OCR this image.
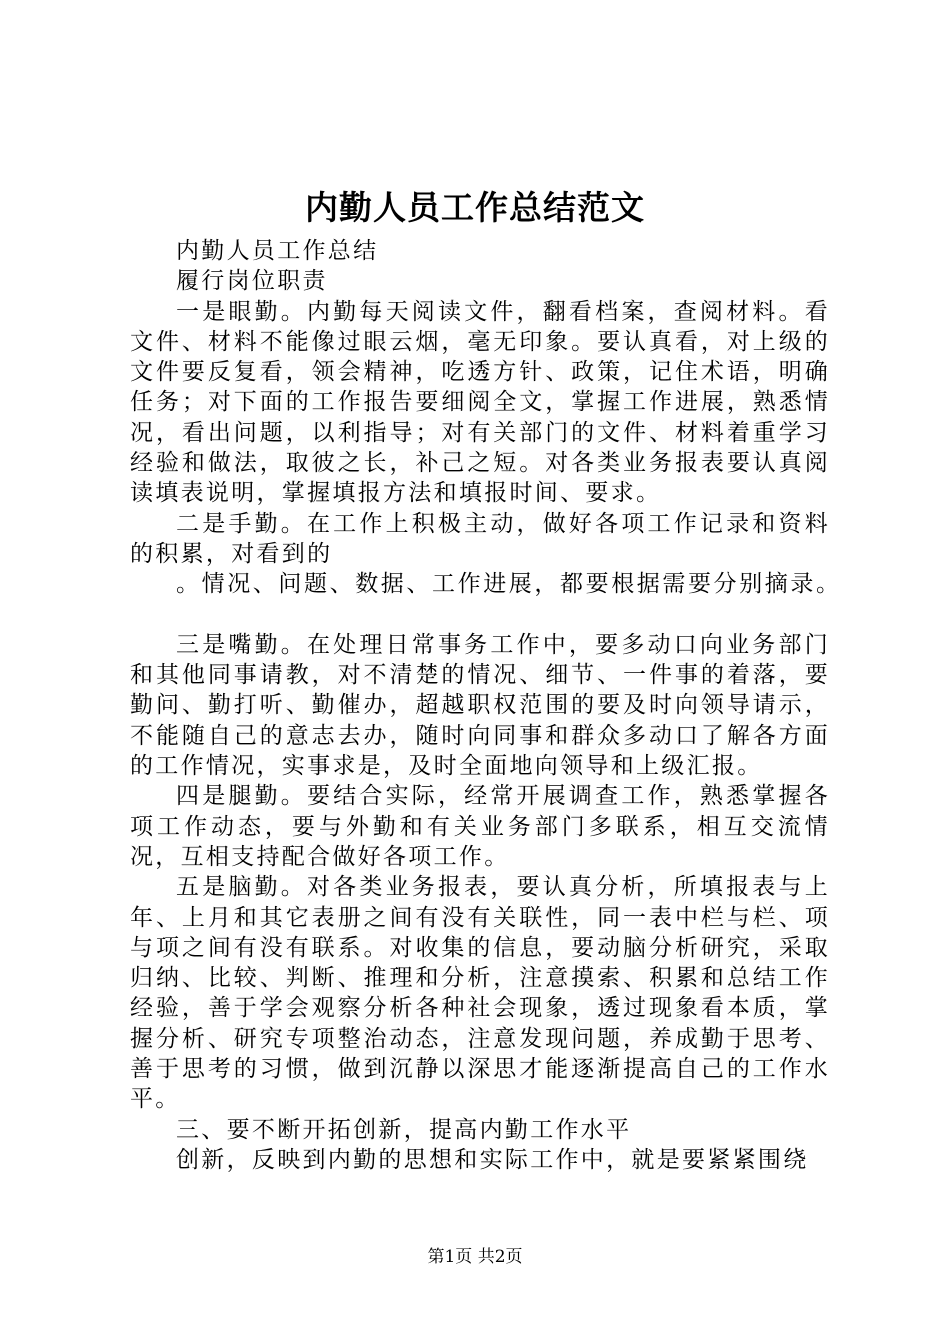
内勤人员工作总结范文

内勤人员工作总结

履行岗位职责

一是眼勤。内勤每天阅读文件，翻看档案，查阅材料。看文件、材料不能像过眼云烟，毫无印象。要认真看，对上级的文件要反复看，领会精神，吃透方针、政策，记住术语，明确任务；对下面的工作报告要细阅全文，掌握工作进展，熟悉情况，看出问题，以利指导；对有关部门的文件、材料着重学习经验和做法，取彼之长，补己之短。对各类业务报表要认真阅读填表说明，掌握填报方法和填报时间、要求。

二是手勤。在工作上积极主动，做好各项工作记录和资料的积累，对看到的

。情况、问题、数据、工作进展，都要根据需要分别摘录。

三是嘴勤。在处理日常事务工作中，要多动口向业务部门和其他同事请教，对不清楚的情况、细节、一件事的着落，要勤问、勤打听、勤催办，超越职权范围的要及时向领导请示，不能随自己的意志去办，随时向同事和群众多动口了解各方面的工作情况，实事求是，及时全面地向领导和上级汇报。

四是腿勤。要结合实际，经常开展调查工作，熟悉掌握各项工作动态，要与外勤和有关业务部门多联系，相互交流情况，互相支持配合做好各项工作。

五是脑勤。对各类业务报表，要认真分析，所填报表与上年、上月和其它表册之间有没有关联性，同一表中栏与栏、项与项之间有没有联系。对收集的信息，要动脑分析研究，采取归纳、比较、判断、推理和分析，注意摸索、积累和总结工作经验，善于学会观察分析各种社会现象，透过现象看本质，掌握分析、研究专项整治动态，注意发现问题，养成勤于思考、善于思考的习惯，做到沉静以深思才能逐渐提高自己的工作水平。

三、要不断开拓创新，提高内勤工作水平

创新，反映到内勤的思想和实际工作中，就是要紧紧围绕

第1页 共2页
